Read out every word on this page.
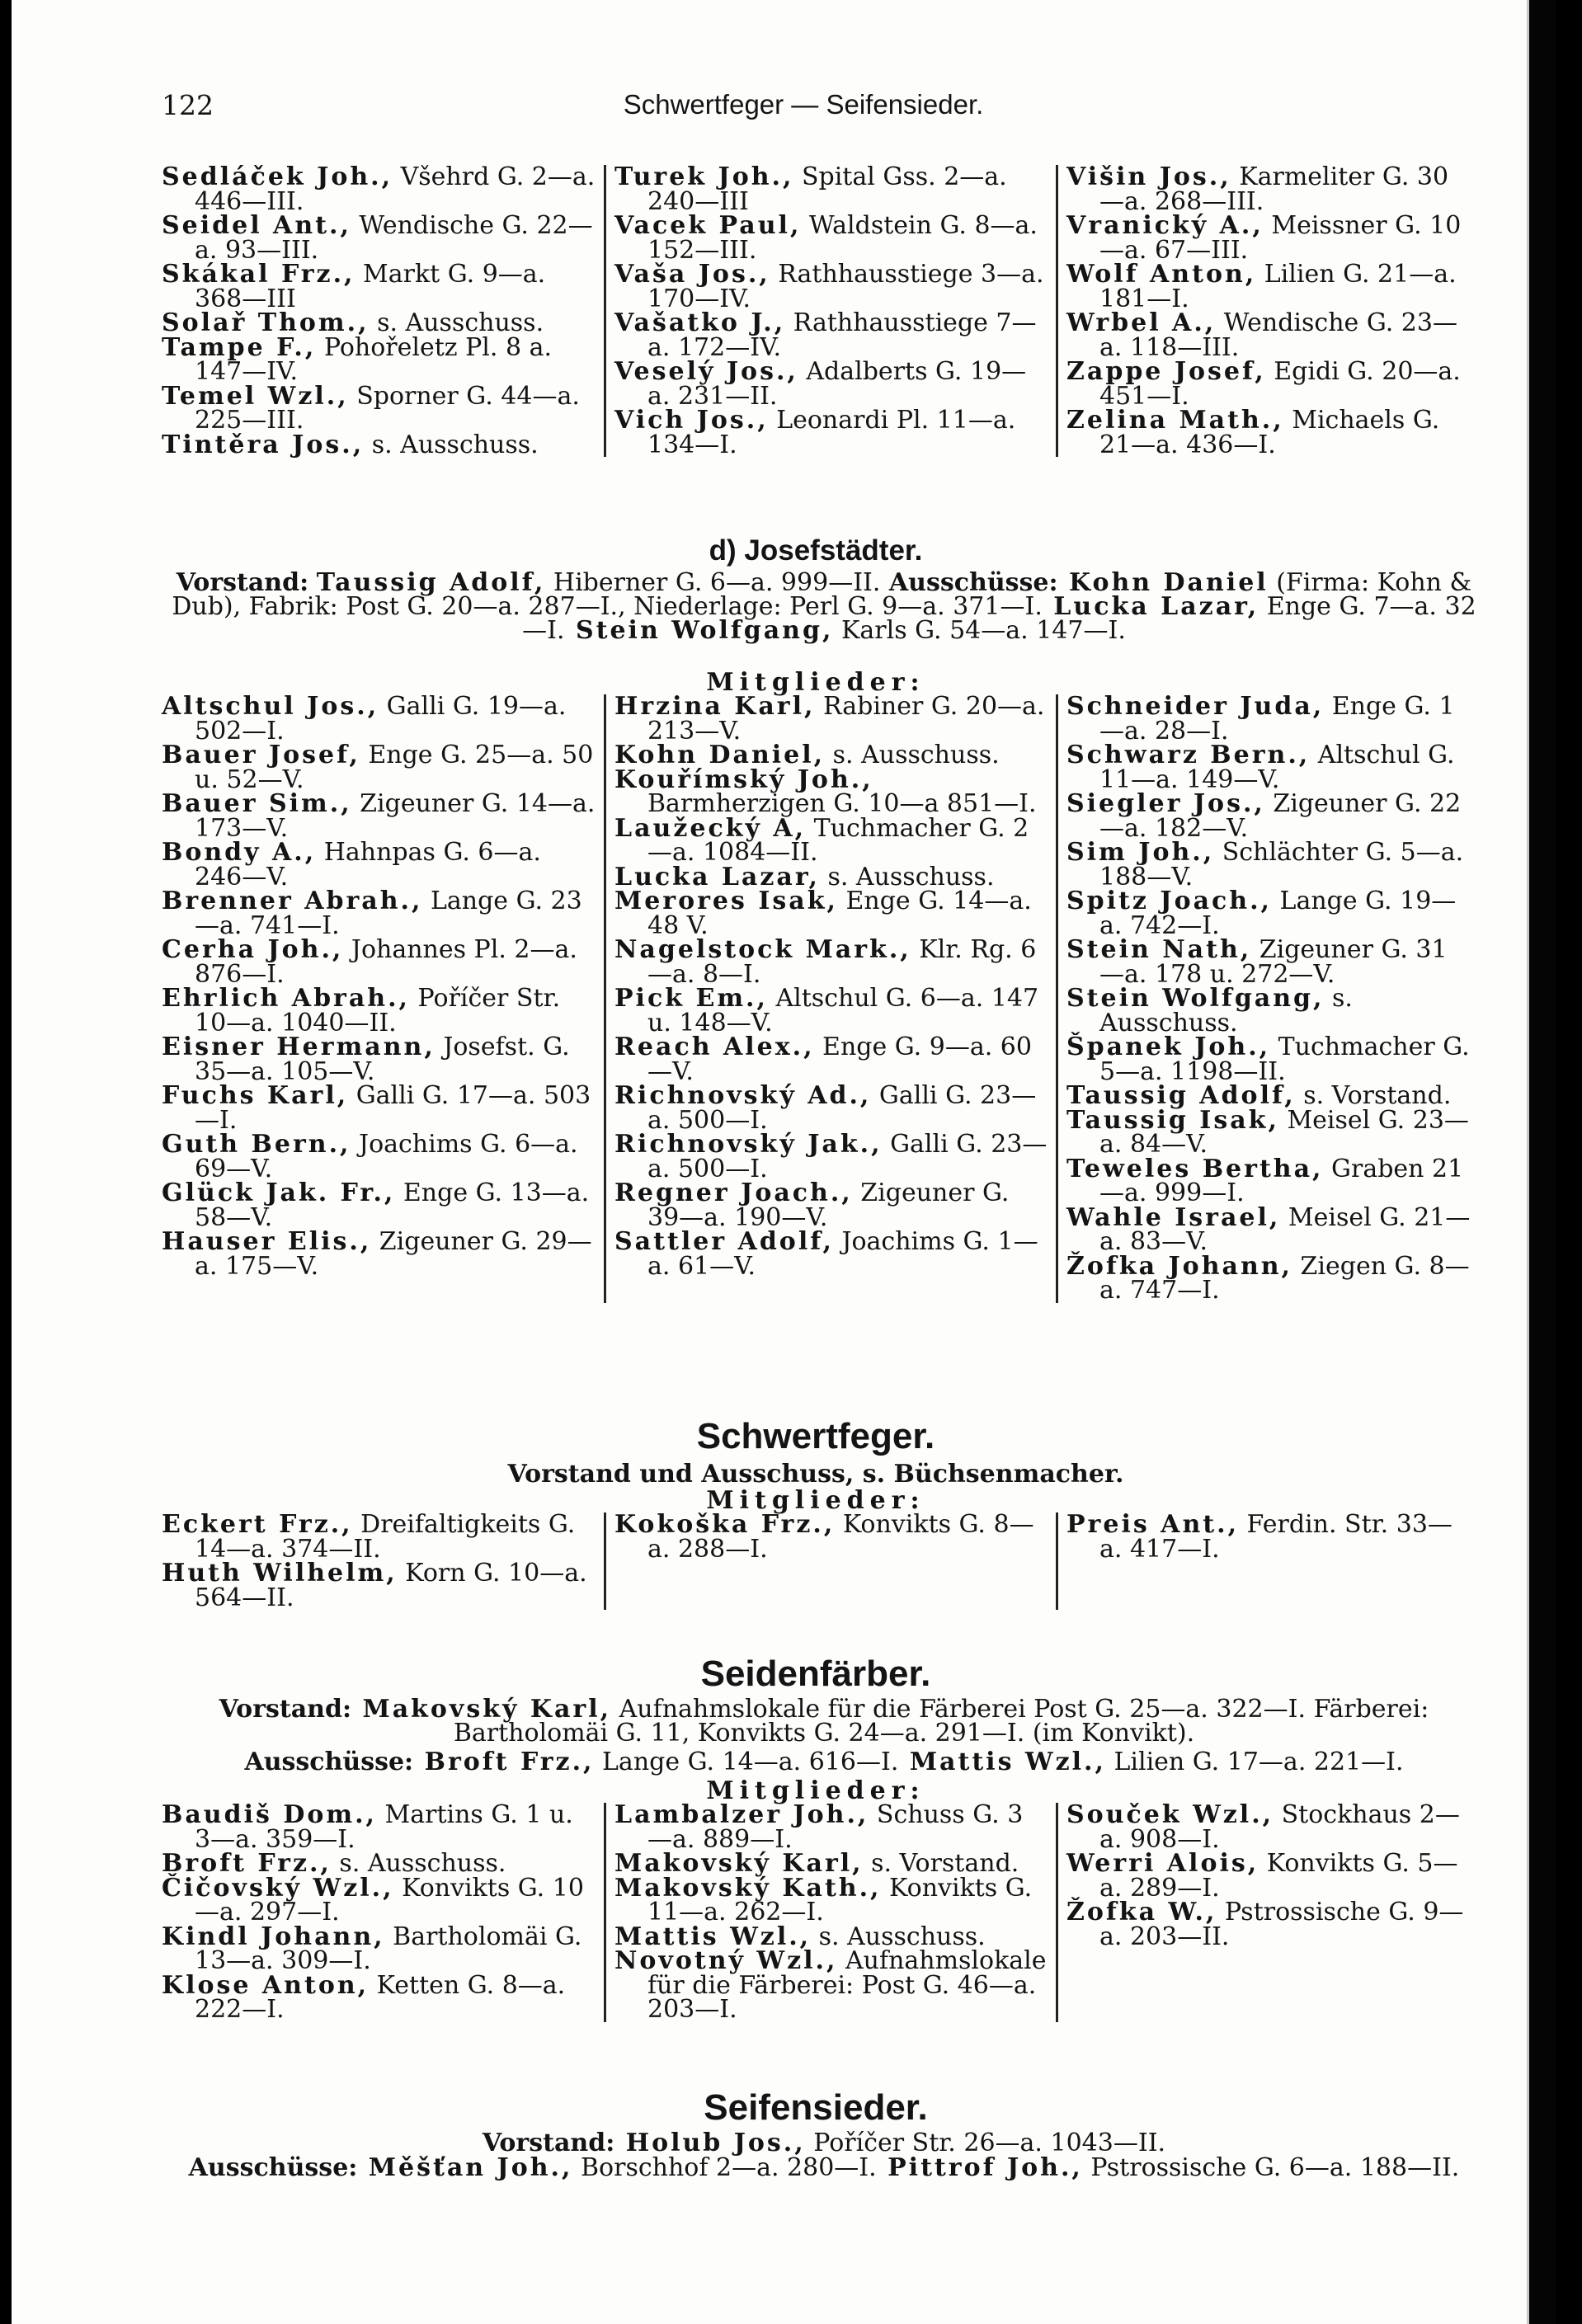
122	Schwertfeger — Seifensieder.
Sedláček Joh., Všehrd G. 2—a. 446—III.
Seidel Ant., Wendische G. 22—a. 93—III.
Skákal Frz., Markt G. 9—a. 368—III
Solař Thom., s. Ausschuss.
Tampe F., Pohořeletz Pl. 8 a. 147—IV.
Temel Wzl., Sporner G. 44—a. 225—III.
Tintěra Jos., s. Ausschuss.
Turek Joh., Spital Gss. 2—a. 240—III
Vacek Paul, Waldstein G. 8—a. 152—III.
Vaša Jos., Rathhausstiege 3—a. 170—IV.
Vašatko J., Rathhausstiege 7—a. 172—IV.
Veselý Jos., Adalberts G. 19—a. 231—II.
Vich Jos., Leonardi Pl. 11—a. 134—I.
Višin Jos., Karmeliter G. 30—a. 268—III.
Vranický A., Meissner G. 10—a. 67—III.
Wolf Anton, Lilien G. 21—a. 181—I.
Wrbel A., Wendische G. 23—a. 118—III.
Zappe Josef, Egidi G. 20—a. 451—I.
Zelina Math., Michaels G. 21—a. 436—I.
d) Josefstädter.
Vorstand: Taussig Adolf, Hiberner G. 6—a. 999—II. Ausschüsse: Kohn Daniel (Firma: Kohn & Dub), Fabrik: Post G. 20—a. 287—I., Niederlage: Perl G. 9—a. 371—I. Lucka Lazar, Enge G. 7—a. 32—I. Stein Wolfgang, Karls G. 54—a. 147—I.
Mitglieder:
Altschul Jos., Galli G. 19—a. 502—I.
Bauer Josef, Enge G. 25—a. 50 u. 52—V.
Bauer Sim., Zigeuner G. 14—a. 173—V.
Bondy A., Hahnpas G. 6—a. 246—V.
Brenner Abrah., Lange G. 23—a. 741—I.
Cerha Joh., Johannes Pl. 2—a. 876—I.
Ehrlich Abrah., Poříčer Str. 10—a. 1040—II.
Eisner Hermann, Josefst. G. 35—a. 105—V.
Fuchs Karl, Galli G. 17—a. 503—I.
Guth Bern., Joachims G. 6—a. 69—V.
Glück Jak. Fr., Enge G. 13—a. 58—V.
Hauser Elis., Zigeuner G. 29—a. 175—V.
Hrzina Karl, Rabiner G. 20—a. 213—V.
Kohn Daniel, s. Ausschuss.
Kouřímský Joh., Barmherzigen G. 10—a 851—I.
Laužecký A, Tuchmacher G. 2—a. 1084—II.
Lucka Lazar, s. Ausschuss.
Merores Isak, Enge G. 14—a. 48 V.
Nagelstock Mark., Klr. Rg. 6—a. 8—I.
Pick Em., Altschul G. 6—a. 147 u. 148—V.
Reach Alex., Enge G. 9—a. 60—V.
Richnovský Ad., Galli G. 23—a. 500—I.
Richnovský Jak., Galli G. 23—a. 500—I.
Regner Joach., Zigeuner G. 39—a. 190—V.
Sattler Adolf, Joachims G. 1—a. 61—V.
Schneider Juda, Enge G. 1—a. 28—I.
Schwarz Bern., Altschul G. 11—a. 149—V.
Siegler Jos., Zigeuner G. 22—a. 182—V.
Sim Joh., Schlächter G. 5—a. 188—V.
Spitz Joach., Lange G. 19—a. 742—I.
Stein Nath, Zigeuner G. 31—a. 178 u. 272—V.
Stein Wolfgang, s. Ausschuss.
Španek Joh., Tuchmacher G. 5—a. 1198—II.
Taussig Adolf, s. Vorstand.
Taussig Isak, Meisel G. 23—a. 84—V.
Teweles Bertha, Graben 21—a. 999—I.
Wahle Israel, Meisel G. 21—a. 83—V.
Žofka Johann, Ziegen G. 8—a. 747—I.
Schwertfeger.
Vorstand und Ausschuss, s. Büchsenmacher.
Mitglieder:
Eckert Frz., Dreifaltigkeits G. 14—a. 374—II.
Huth Wilhelm, Korn G. 10—a. 564—II.
Kokoška Frz., Konvikts G. 8—a. 288—I.
Preis Ant., Ferdin. Str. 33—a. 417—I.
Seidenfärber.
Vorstand: Makovský Karl, Aufnahmslokale für die Färberei Post G. 25—a. 322—I. Färberei: Bartholomäi G. 11, Konvikts G. 24—a. 291—I. (im Konvikt).
Ausschüsse: Broft Frz., Lange G. 14—a. 616—I. Mattis Wzl., Lilien G. 17—a. 221—I.
Mitglieder:
Baudiš Dom., Martins G. 1 u. 3—a. 359—I.
Broft Frz., s. Ausschuss.
Čičovský Wzl., Konvikts G. 10—a. 297—I.
Kindl Johann, Bartholomäi G. 13—a. 309—I.
Klose Anton, Ketten G. 8—a. 222—I.
Lambalzer Joh., Schuss G. 3—a. 889—I.
Makovský Karl, s. Vorstand.
Makovský Kath., Konvikts G. 11—a. 262—I.
Mattis Wzl., s. Ausschuss.
Novotný Wzl., Aufnahmslokale für die Färberei: Post G. 46—a. 203—I.
Souček Wzl., Stockhaus 2—a. 908—I.
Werri Alois, Konvikts G. 5—a. 289—I.
Žofka W., Pstrossische G. 9—a. 203—II.
Seifensieder.
Vorstand: Holub Jos., Poříčer Str. 26—a. 1043—II.
Ausschüsse: Měšťan Joh., Borschhof 2—a. 280—I. Pittrof Joh., Pstrossische G. 6—a. 188—II.
